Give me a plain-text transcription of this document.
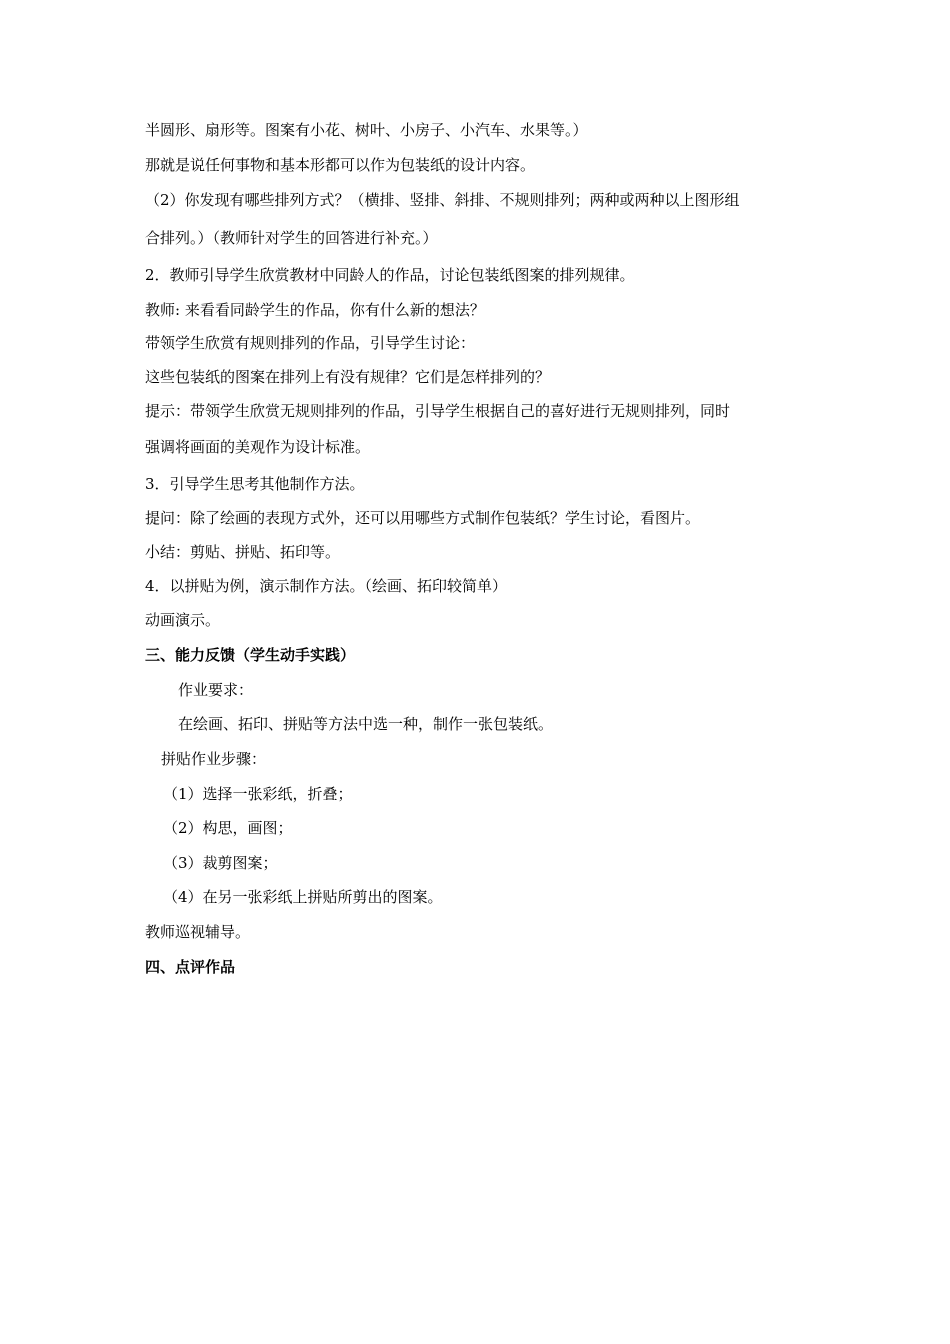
半圆形、扇形等。图案有小花、树叶、小房子、小汽车、水果等。）
那就是说任何事物和基本形都可以作为包装纸的设计内容。
（2）你发现有哪些排列方式？（横排、竖排、斜排、不规则排列；两种或两种以上图形组
合排列。）（教师针对学生的回答进行补充。）
2．教师引导学生欣赏教材中同龄人的作品，讨论包装纸图案的排列规律。
教师: 来看看同龄学生的作品，你有什么新的想法？
带领学生欣赏有规则排列的作品，引导学生讨论：
这些包装纸的图案在排列上有没有规律？它们是怎样排列的？
提示：带领学生欣赏无规则排列的作品，引导学生根据自己的喜好进行无规则排列，同时
强调将画面的美观作为设计标准。
3．引导学生思考其他制作方法。
提问：除了绘画的表现方式外，还可以用哪些方式制作包装纸？学生讨论，看图片。
小结：剪贴、拼贴、拓印等。
4．以拼贴为例，演示制作方法。（绘画、拓印较简单）
动画演示。
三、能力反馈（学生动手实践）
作业要求：
在绘画、拓印、拼贴等方法中选一种，制作一张包装纸。
拼贴作业步骤：
（1）选择一张彩纸，折叠；
（2）构思，画图；
（3）裁剪图案；
（4）在另一张彩纸上拼贴所剪出的图案。
教师巡视辅导。
四、点评作品
